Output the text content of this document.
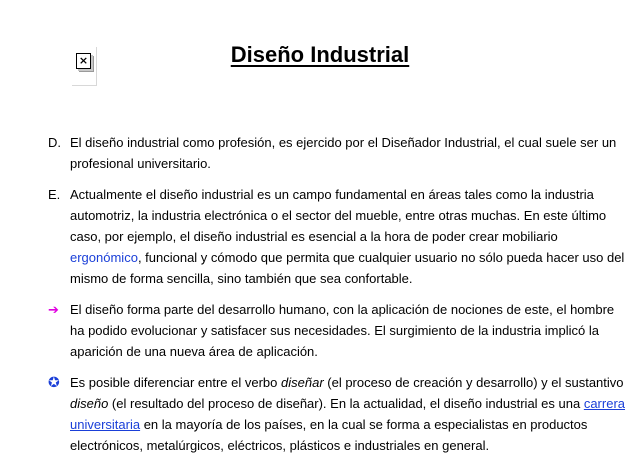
×	Diseño Industrial
D. El diseño industrial como profesión, es ejercido por el Diseñador Industrial, el cual suele ser un profesional universitario.
E. Actualmente el diseño industrial es un campo fundamental en áreas tales como la industria automotriz, la industria electrónica o el sector del mueble, entre otras muchas. En este último caso, por ejemplo, el diseño industrial es esencial a la hora de poder crear mobiliario ergonómico, funcional y cómodo que permita que cualquier usuario no sólo pueda hacer uso del mismo de forma sencilla, sino también que sea confortable.
➔ El diseño forma parte del desarrollo humano, con la aplicación de nociones de este, el hombre ha podido evolucionar y satisfacer sus necesidades. El surgimiento de la industria implicó la aparición de una nueva área de aplicación.
✪ Es posible diferenciar entre el verbo diseñar (el proceso de creación y desarrollo) y el sustantivo diseño (el resultado del proceso de diseñar). En la actualidad, el diseño industrial es una carrera universitaria en la mayoría de los países, en la cual se forma a especialistas en productos electrónicos, metalúrgicos, eléctricos, plásticos e industriales en general.
